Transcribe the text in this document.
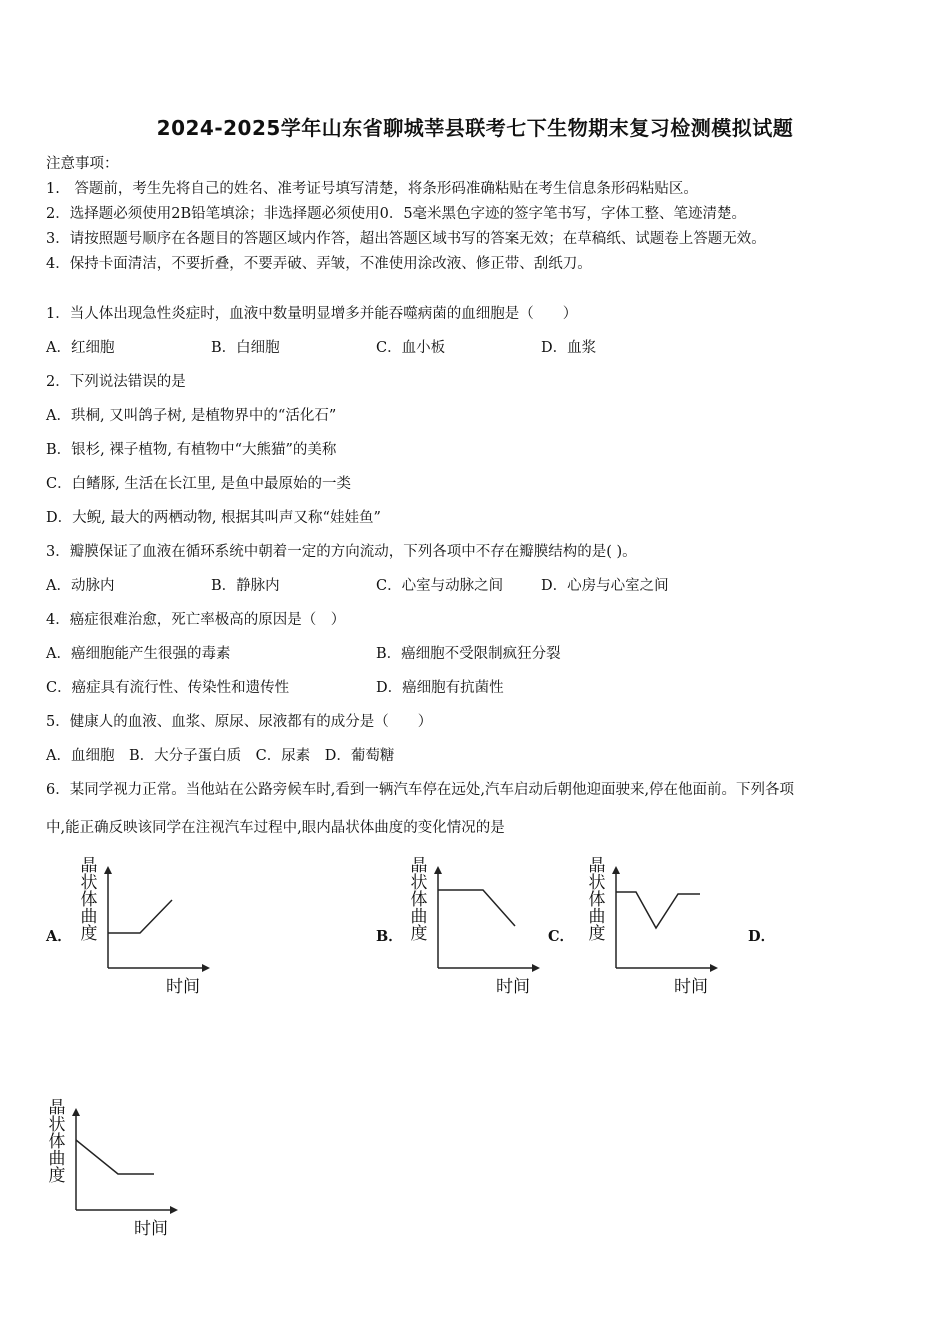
2024-2025学年山东省聊城莘县联考七下生物期末复习检测模拟试题
注意事项：
1.　答题前，考生先将自己的姓名、准考证号填写清楚，将条形码准确粘贴在考生信息条形码粘贴区。
2．选择题必须使用2B铅笔填涂；非选择题必须使用0．5毫米黑色字迹的签字笔书写，字体工整、笔迹清楚。
3．请按照题号顺序在各题目的答题区域内作答，超出答题区域书写的答案无效；在草稿纸、试题卷上答题无效。
4．保持卡面清洁，不要折叠，不要弄破、弄皱，不准使用涂改液、修正带、刮纸刀。
1．当人体出现急性炎症时，血液中数量明显增多并能吞噬病菌的血细胞是（　　）
A．红细胞	B．白细胞	C．血小板	D．血浆
2．下列说法错误的是
A．珙桐, 又叫鸽子树, 是植物界中的“活化石”
B．银杉, 裸子植物, 有植物中“大熊猫”的美称
C．白鳍豚, 生活在长江里, 是鱼中最原始的一类
D．大鲵, 最大的两栖动物, 根据其叫声又称“娃娃鱼”
3．瓣膜保证了血液在循环系统中朝着一定的方向流动，下列各项中不存在瓣膜结构的是( )。
A．动脉内	B．静脉内	C．心室与动脉之间	D．心房与心室之间
4．癌症很难治愈，死亡率极高的原因是（　）
A．癌细胞能产生很强的毒素	B．癌细胞不受限制疯狂分裂
C．癌症具有流行性、传染性和遗传性	D．癌细胞有抗菌性
5．健康人的血液、血浆、原尿、尿液都有的成分是（　　）
A．血细胞　B．大分子蛋白质　C．尿素　D．葡萄糖
6．某同学视力正常。当他站在公路旁候车时,看到一辆汽车停在远处,汽车启动后朝他迎面驶来,停在他面前。下列各项
中,能正确反映该同学在注视汽车过程中,眼内晶状体曲度的变化情况的是
A．	B．	C．	D．
晶
状
体
曲
度
时间
晶
状
体
曲
度
时间
晶
状
体
曲
度
时间
晶
状
体
曲
度
时间
